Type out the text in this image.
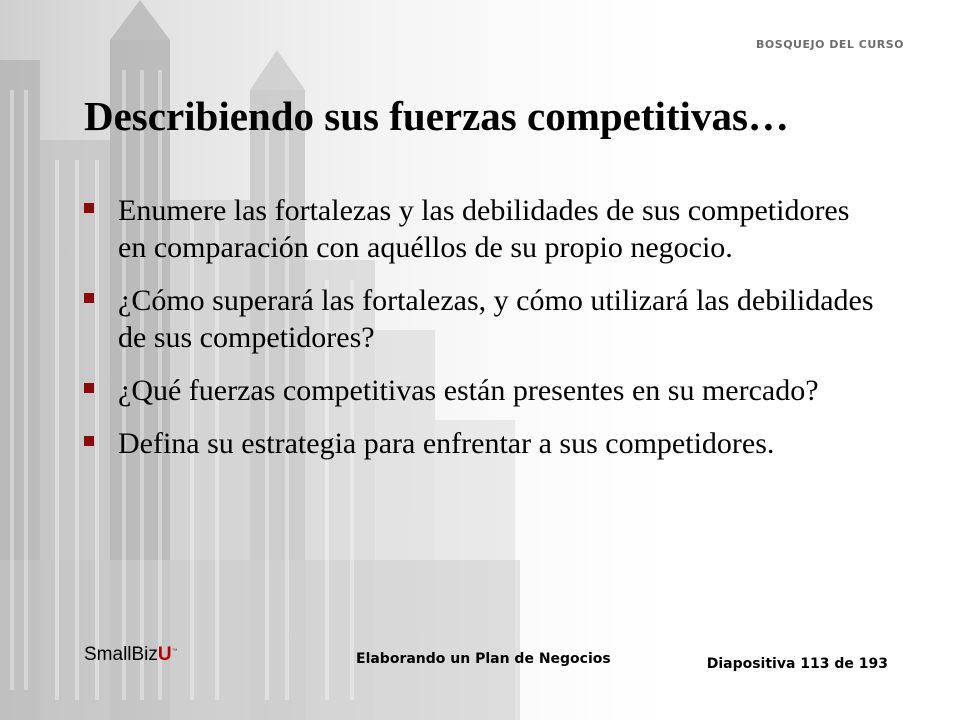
BOSQUEJO DEL CURSO
Describiendo sus fuerzas competitivas…
Enumere las fortalezas y las debilidades de sus competidores en comparación con aquéllos de su propio negocio.
¿Cómo superará las fortalezas, y cómo utilizará las debilidades de sus competidores?
¿Qué fuerzas competitivas están presentes en su mercado?
Defina su estrategia para enfrentar a sus competidores.
SmallBizU™	Elaborando un Plan de Negocios	Diapositiva 113 de 193
